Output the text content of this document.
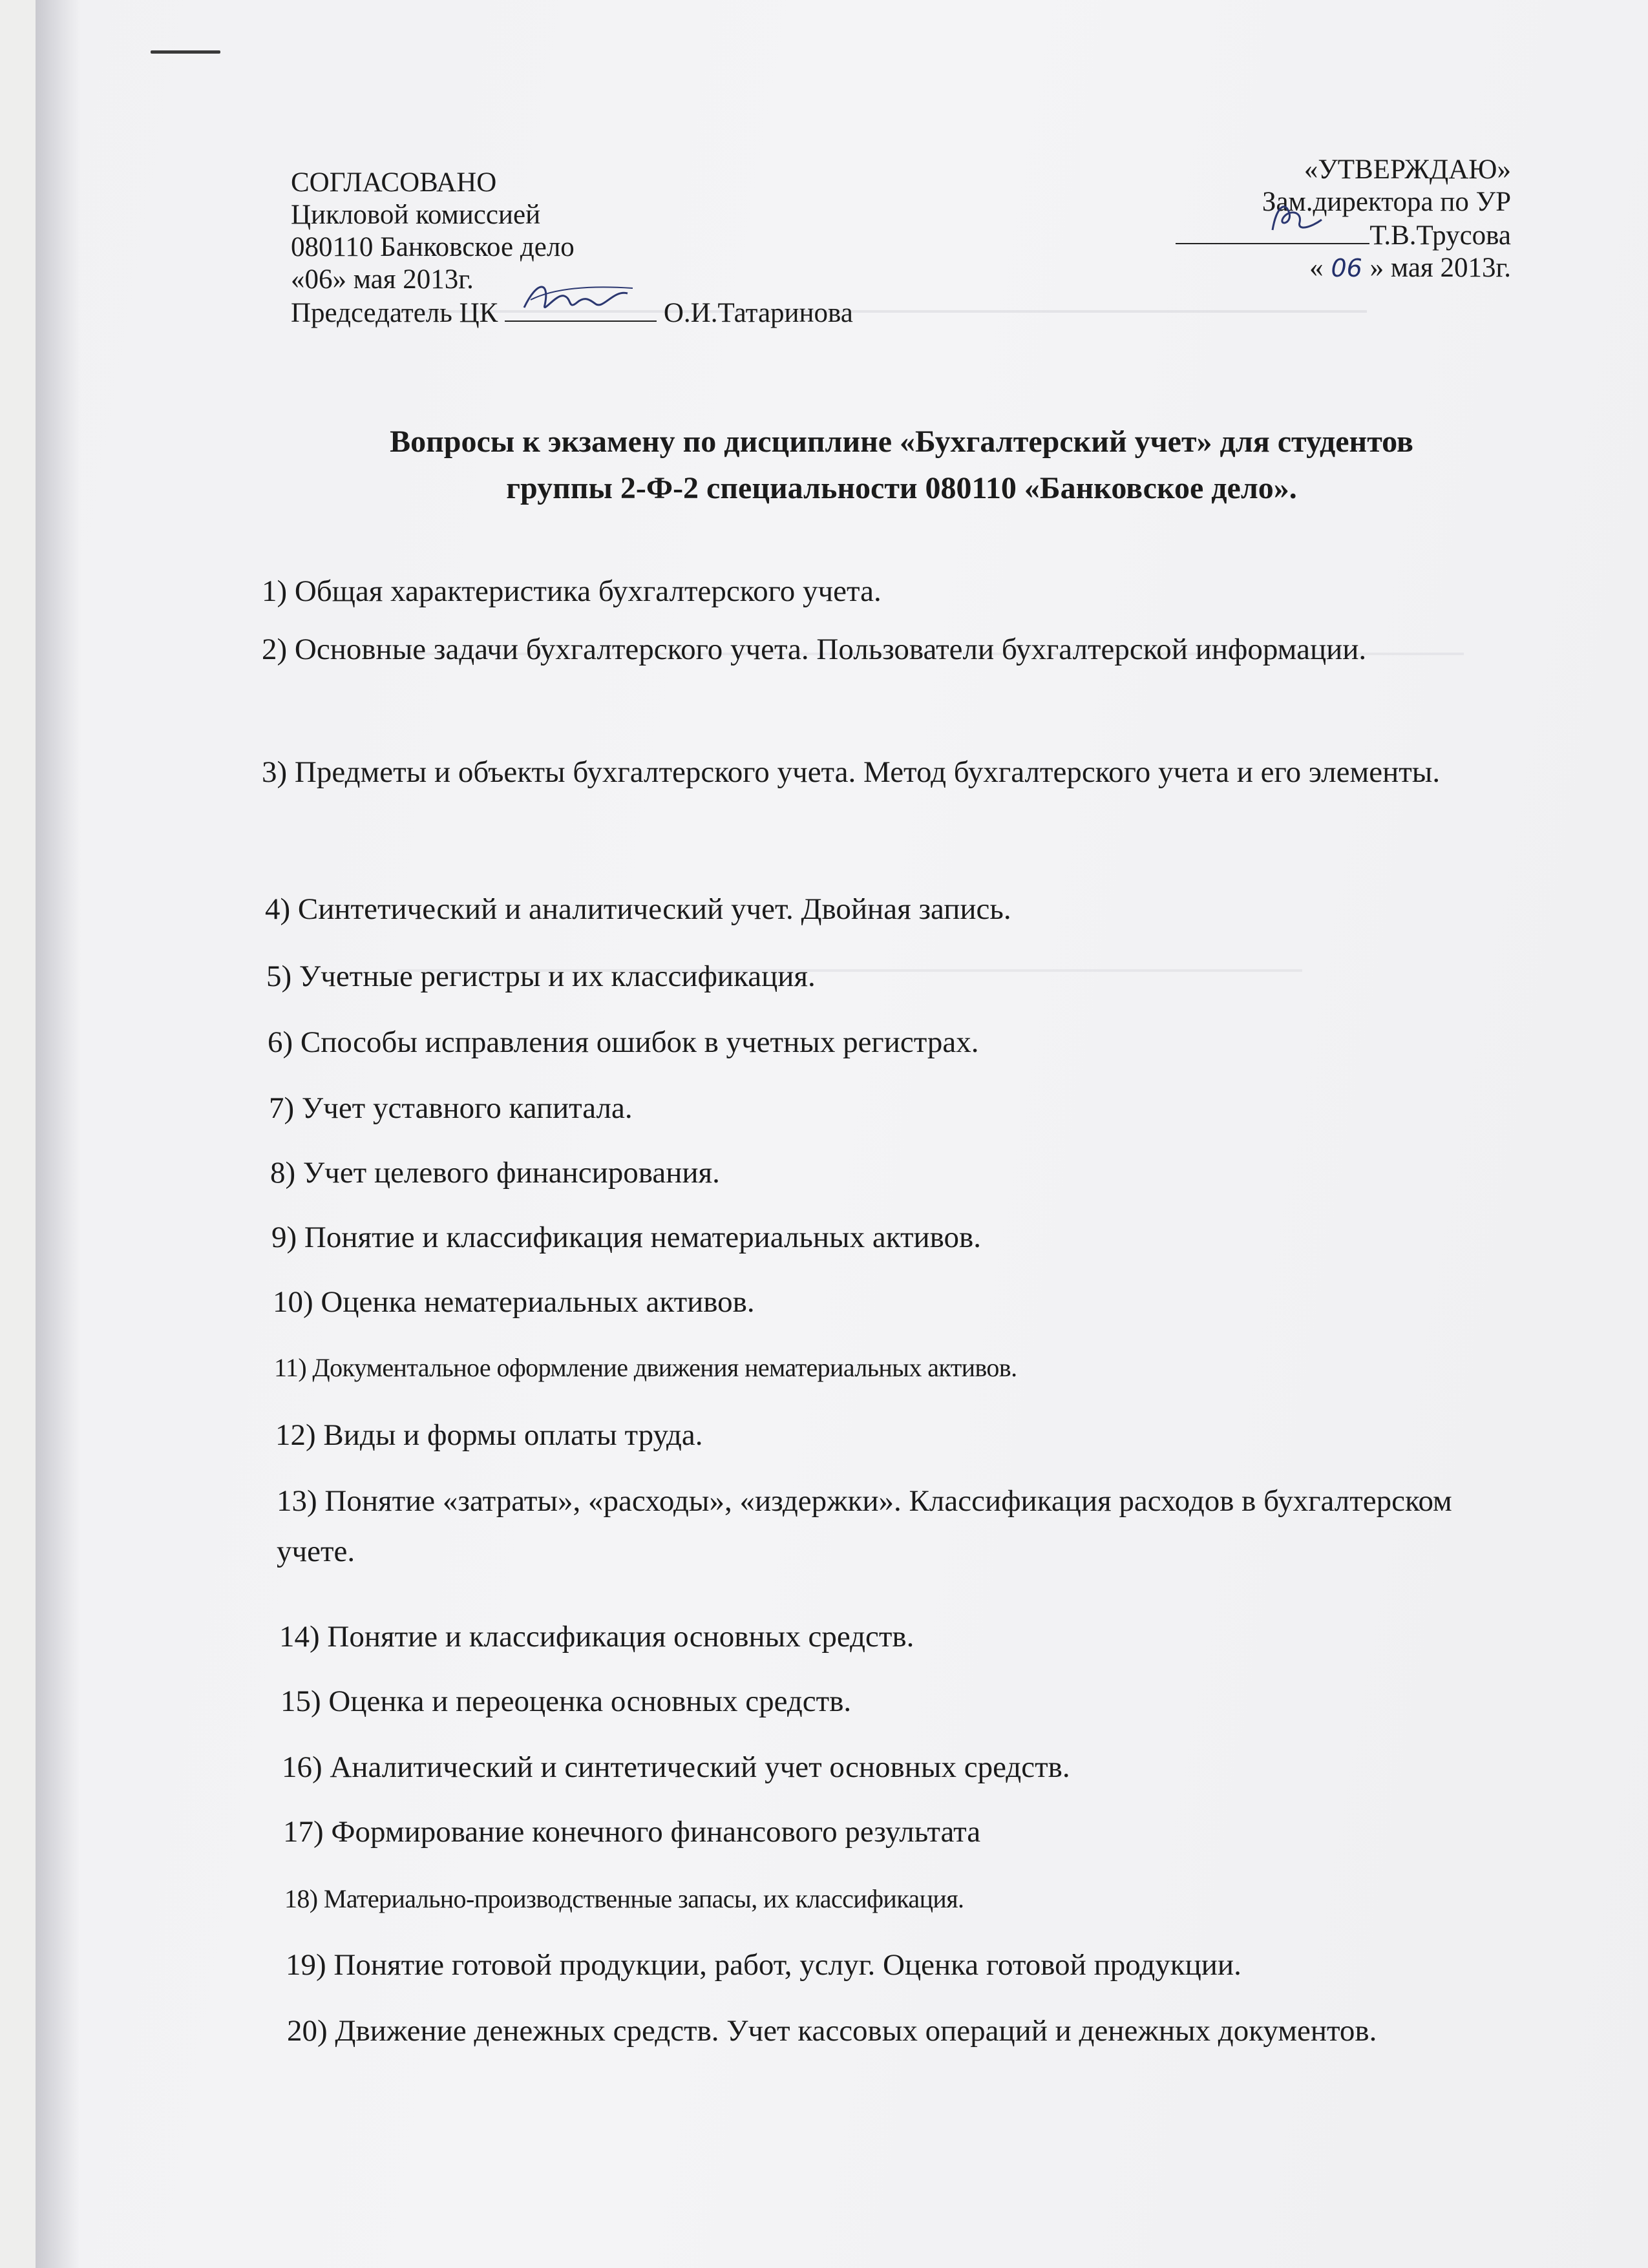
СОГЛАСОВАНО
Цикловой комиссией
080110 Банковское дело
«06» мая 2013г.
Председатель ЦК	О.И.Татаринова
«УТВЕРЖДАЮ»
Зам.директора по УР
Т.В.Трусова
« 06 » мая 2013г.
Вопросы к экзамену по дисциплине «Бухгалтерский учет» для студентов
группы 2-Ф-2 специальности 080110 «Банковское дело».
1) Общая характеристика бухгалтерского учета.
2) Основные задачи бухгалтерского учета. Пользователи бухгалтерской информации.
3) Предметы и объекты бухгалтерского учета. Метод бухгалтерского учета и его элементы.
4) Синтетический и аналитический учет. Двойная запись.
5) Учетные регистры и их классификация.
6) Способы исправления ошибок в учетных регистрах.
7) Учет уставного капитала.
8) Учет целевого финансирования.
9) Понятие и классификация нематериальных активов.
10) Оценка нематериальных активов.
11) Документальное оформление движения нематериальных активов.
12) Виды и формы оплаты труда.
13) Понятие «затраты», «расходы», «издержки». Классификация расходов в бухгалтерском учете.
14) Понятие и классификация основных средств.
15) Оценка и переоценка основных средств.
16) Аналитический и синтетический учет основных средств.
17) Формирование конечного финансового результата
18) Материально-производственные запасы, их классификация.
19) Понятие готовой продукции, работ, услуг. Оценка готовой продукции.
20) Движение денежных средств. Учет кассовых операций и денежных документов.
